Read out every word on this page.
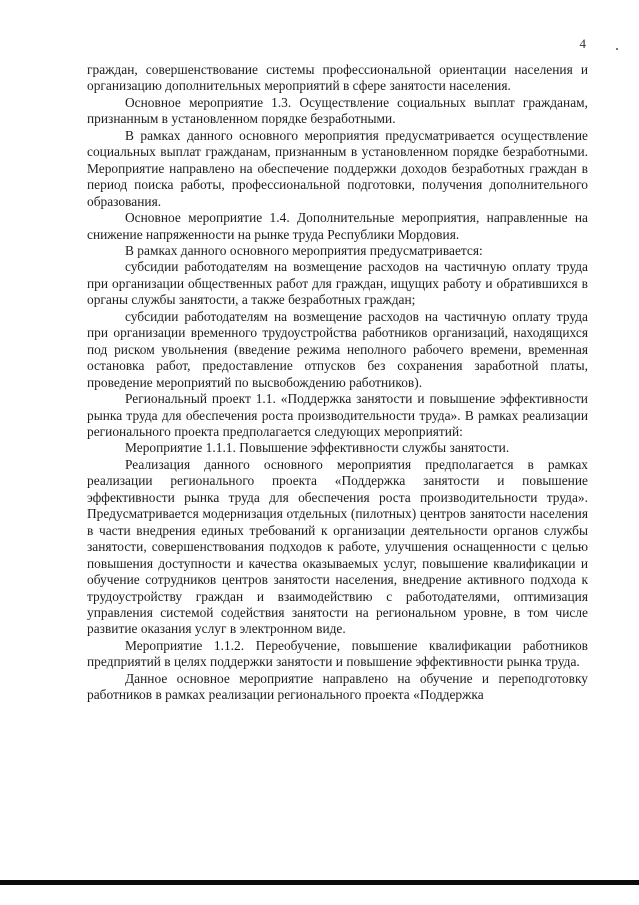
4

граждан, совершенствование системы профессиональной ориентации населения и организацию дополнительных мероприятий в сфере занятости населения.

Основное мероприятие 1.3. Осуществление социальных выплат гражданам, признанным в установленном порядке безработными.

В рамках данного основного мероприятия предусматривается осуществление социальных выплат гражданам, признанным в установленном порядке безработными. Мероприятие направлено на обеспечение поддержки доходов безработных граждан в период поиска работы, профессиональной подготовки, получения дополнительного образования.

Основное мероприятие 1.4. Дополнительные мероприятия, направленные на снижение напряженности на рынке труда Республики Мордовия.

В рамках данного основного мероприятия предусматривается:

субсидии работодателям на возмещение расходов на частичную оплату труда при организации общественных работ для граждан, ищущих работу и обратившихся в органы службы занятости, а также безработных граждан;

субсидии работодателям на возмещение расходов на частичную оплату труда при организации временного трудоустройства работников организаций, находящихся под риском увольнения (введение режима неполного рабочего времени, временная остановка работ, предоставление отпусков без сохранения заработной платы, проведение мероприятий по высвобождению работников).

Региональный проект 1.1. «Поддержка занятости и повышение эффективности рынка труда для обеспечения роста производительности труда». В рамках реализации регионального проекта предполагается следующих мероприятий:

Мероприятие 1.1.1. Повышение эффективности службы занятости.

Реализация данного основного мероприятия предполагается в рамках реализации регионального проекта «Поддержка занятости и повышение эффективности рынка труда для обеспечения роста производительности труда». Предусматривается модернизация отдельных (пилотных) центров занятости населения в части внедрения единых требований к организации деятельности органов службы занятости, совершенствования подходов к работе, улучшения оснащенности с целью повышения доступности и качества оказываемых услуг, повышение квалификации и обучение сотрудников центров занятости населения, внедрение активного подхода к трудоустройству граждан и взаимодействию с работодателями, оптимизация управления системой содействия занятости на региональном уровне, в том числе развитие оказания услуг в электронном виде.

Мероприятие 1.1.2. Переобучение, повышение квалификации работников предприятий в целях поддержки занятости и повышение эффективности рынка труда.

Данное основное мероприятие направлено на обучение и переподготовку работников в рамках реализации регионального проекта «Поддержка
